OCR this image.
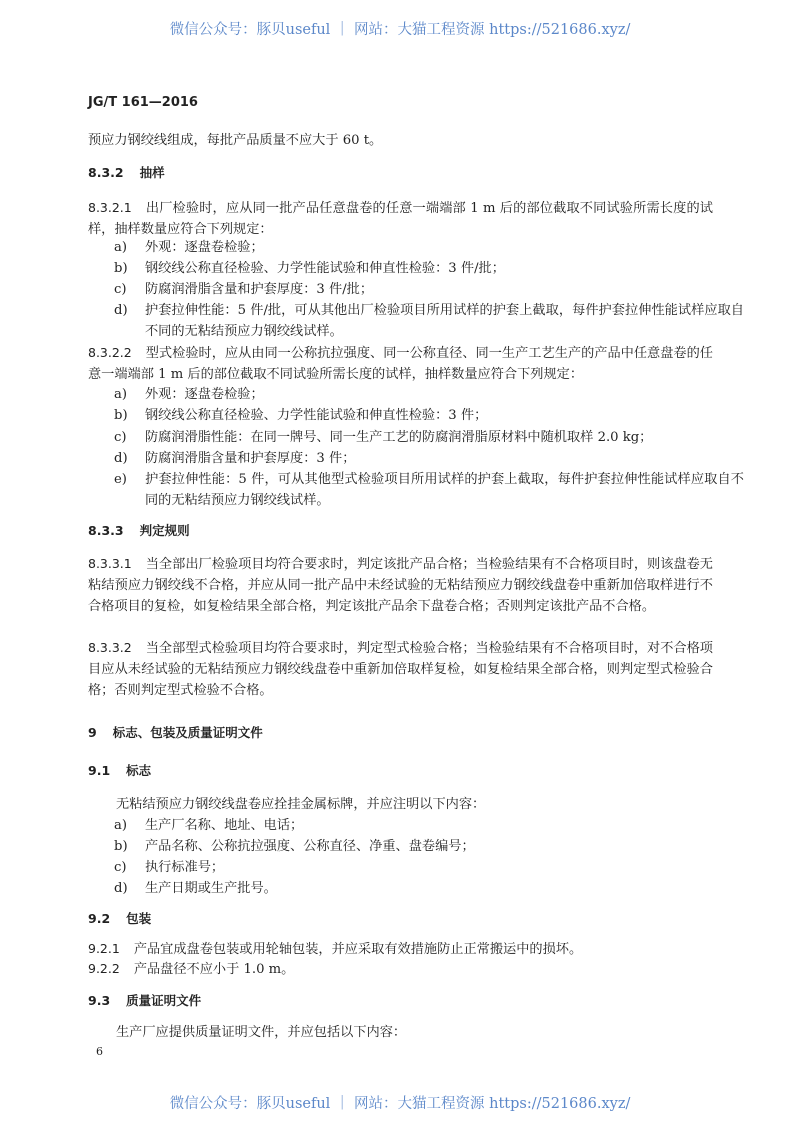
微信公众号：豚贝useful ｜ 网站：大猫工程资源 https://521686.xyz/
JG/T 161—2016
预应力钢绞线组成，每批产品质量不应大于 60 t。
8.3.2 抽样
8.3.2.1 出厂检验时，应从同一批产品任意盘卷的任意一端端部 1 m 后的部位截取不同试验所需长度的试样，抽样数量应符合下列规定：
a) 外观：逐盘卷检验；
b) 钢绞线公称直径检验、力学性能试验和伸直性检验：3 件/批；
c) 防腐润滑脂含量和护套厚度：3 件/批；
d) 护套拉伸性能：5 件/批，可从其他出厂检验项目所用试样的护套上截取，每件护套拉伸性能试样应取自不同的无粘结预应力钢绞线试样。
8.3.2.2 型式检验时，应从由同一公称抗拉强度、同一公称直径、同一生产工艺生产的产品中任意盘卷的任意一端端部 1 m 后的部位截取不同试验所需长度的试样，抽样数量应符合下列规定：
a) 外观：逐盘卷检验；
b) 钢绞线公称直径检验、力学性能试验和伸直性检验：3 件；
c) 防腐润滑脂性能：在同一牌号、同一生产工艺的防腐润滑脂原材料中随机取样 2.0 kg；
d) 防腐润滑脂含量和护套厚度：3 件；
e) 护套拉伸性能：5 件，可从其他型式检验项目所用试样的护套上截取，每件护套拉伸性能试样应取自不同的无粘结预应力钢绞线试样。
8.3.3 判定规则
8.3.3.1 当全部出厂检验项目均符合要求时，判定该批产品合格；当检验结果有不合格项目时，则该盘卷无粘结预应力钢绞线不合格，并应从同一批产品中未经试验的无粘结预应力钢绞线盘卷中重新加倍取样进行不合格项目的复检，如复检结果全部合格，判定该批产品余下盘卷合格；否则判定该批产品不合格。
8.3.3.2 当全部型式检验项目均符合要求时，判定型式检验合格；当检验结果有不合格项目时，对不合格项目应从未经试验的无粘结预应力钢绞线盘卷中重新加倍取样复检，如复检结果全部合格，则判定型式检验合格；否则判定型式检验不合格。
9 标志、包装及质量证明文件
9.1 标志
无粘结预应力钢绞线盘卷应拴挂金属标牌，并应注明以下内容：
a) 生产厂名称、地址、电话；
b) 产品名称、公称抗拉强度、公称直径、净重、盘卷编号；
c) 执行标准号；
d) 生产日期或生产批号。
9.2 包装
9.2.1 产品宜成盘卷包装或用轮轴包装，并应采取有效措施防止正常搬运中的损坏。
9.2.2 产品盘径不应小于 1.0 m。
9.3 质量证明文件
生产厂应提供质量证明文件，并应包括以下内容：
6
微信公众号：豚贝useful ｜ 网站：大猫工程资源 https://521686.xyz/
